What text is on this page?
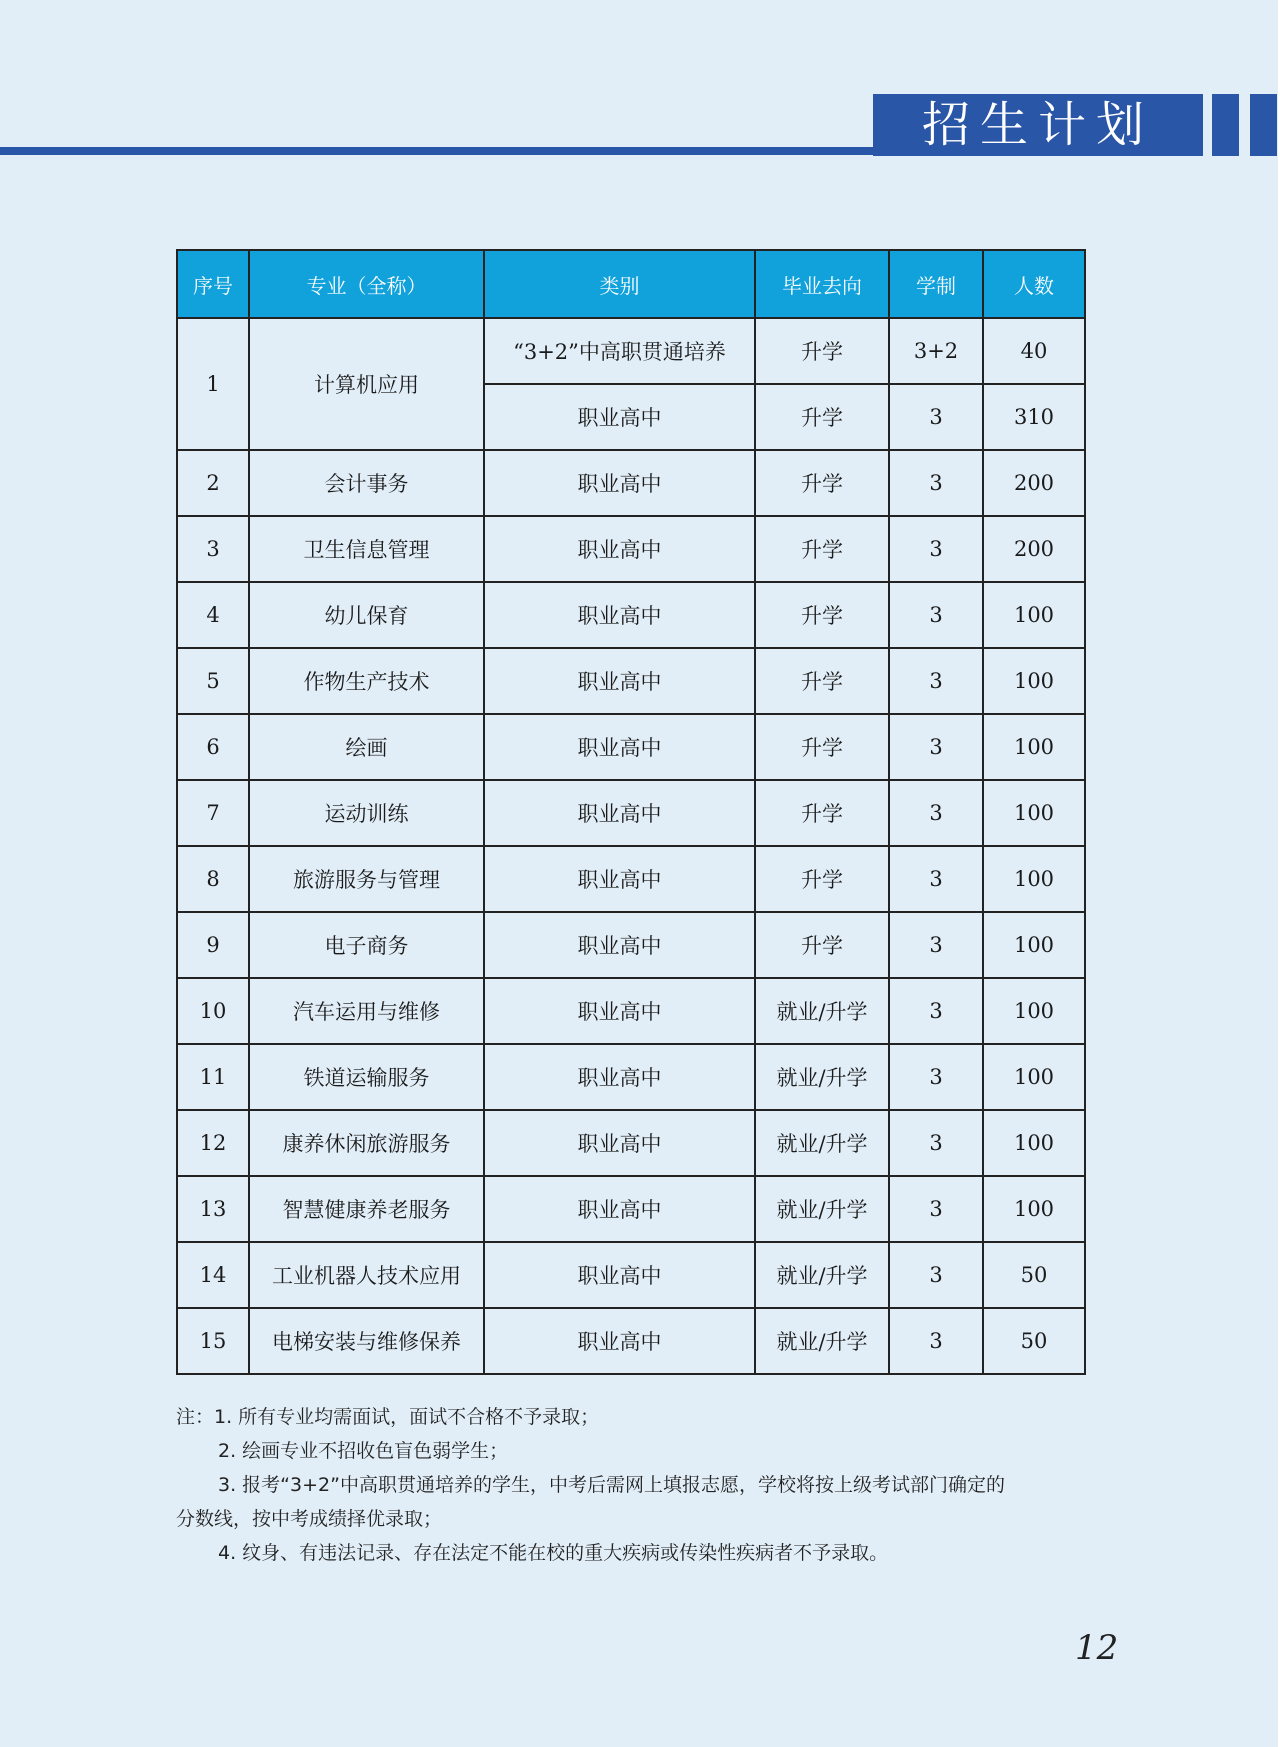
招生计划
序号	专业（全称）	类别	毕业去向	学制	人数
1	计算机应用	“3+2”中高职贯通培养	升学	3+2	40
		职业高中	升学	3	310
2	会计事务	职业高中	升学	3	200
3	卫生信息管理	职业高中	升学	3	200
4	幼儿保育	职业高中	升学	3	100
5	作物生产技术	职业高中	升学	3	100
6	绘画	职业高中	升学	3	100
7	运动训练	职业高中	升学	3	100
8	旅游服务与管理	职业高中	升学	3	100
9	电子商务	职业高中	升学	3	100
10	汽车运用与维修	职业高中	就业/升学	3	100
11	铁道运输服务	职业高中	就业/升学	3	100
12	康养休闲旅游服务	职业高中	就业/升学	3	100
13	智慧健康养老服务	职业高中	就业/升学	3	100
14	工业机器人技术应用	职业高中	就业/升学	3	50
15	电梯安装与维修保养	职业高中	就业/升学	3	50
注：1. 所有专业均需面试，面试不合格不予录取；
2. 绘画专业不招收色盲色弱学生；
3. 报考“3+2”中高职贯通培养的学生，中考后需网上填报志愿，学校将按上级考试部门确定的
分数线，按中考成绩择优录取；
4. 纹身、有违法记录、存在法定不能在校的重大疾病或传染性疾病者不予录取。
12
